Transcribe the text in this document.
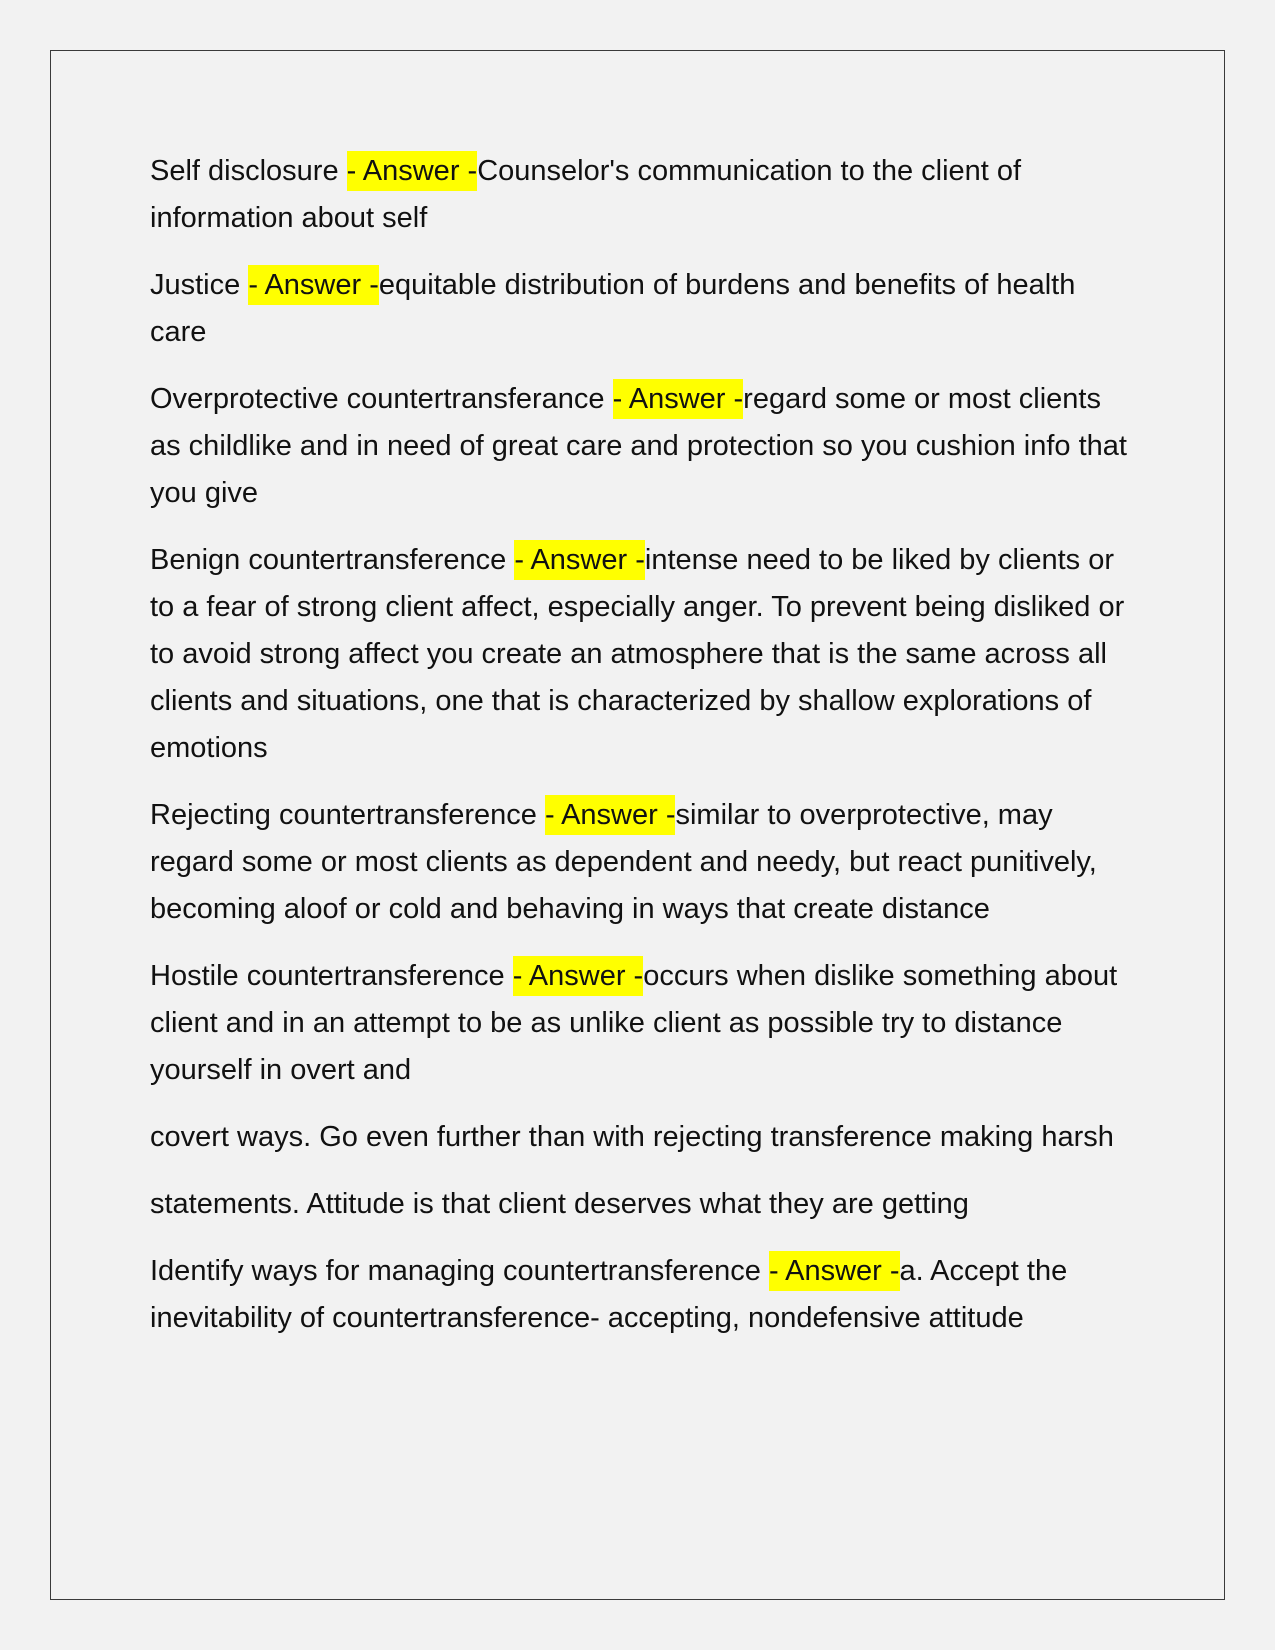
Self disclosure - Answer -Counselor's communication to the client of information about self

Justice - Answer -equitable distribution of burdens and benefits of health care

Overprotective countertransferance - Answer -regard some or most clients as childlike and in need of great care and protection so you cushion info that you give

Benign countertransference - Answer -intense need to be liked by clients or to a fear of strong client affect, especially anger. To prevent being disliked or to avoid strong affect you create an atmosphere that is the same across all clients and situations, one that is characterized by shallow explorations of emotions

Rejecting countertransference - Answer -similar to overprotective, may regard some or most clients as dependent and needy, but react punitively, becoming aloof or cold and behaving in ways that create distance

Hostile countertransference - Answer -occurs when dislike something about client and in an attempt to be as unlike client as possible try to distance yourself in overt and

covert ways. Go even further than with rejecting transference making harsh

statements. Attitude is that client deserves what they are getting

Identify ways for managing countertransference - Answer -a. Accept the inevitability of countertransference- accepting, nondefensive attitude
